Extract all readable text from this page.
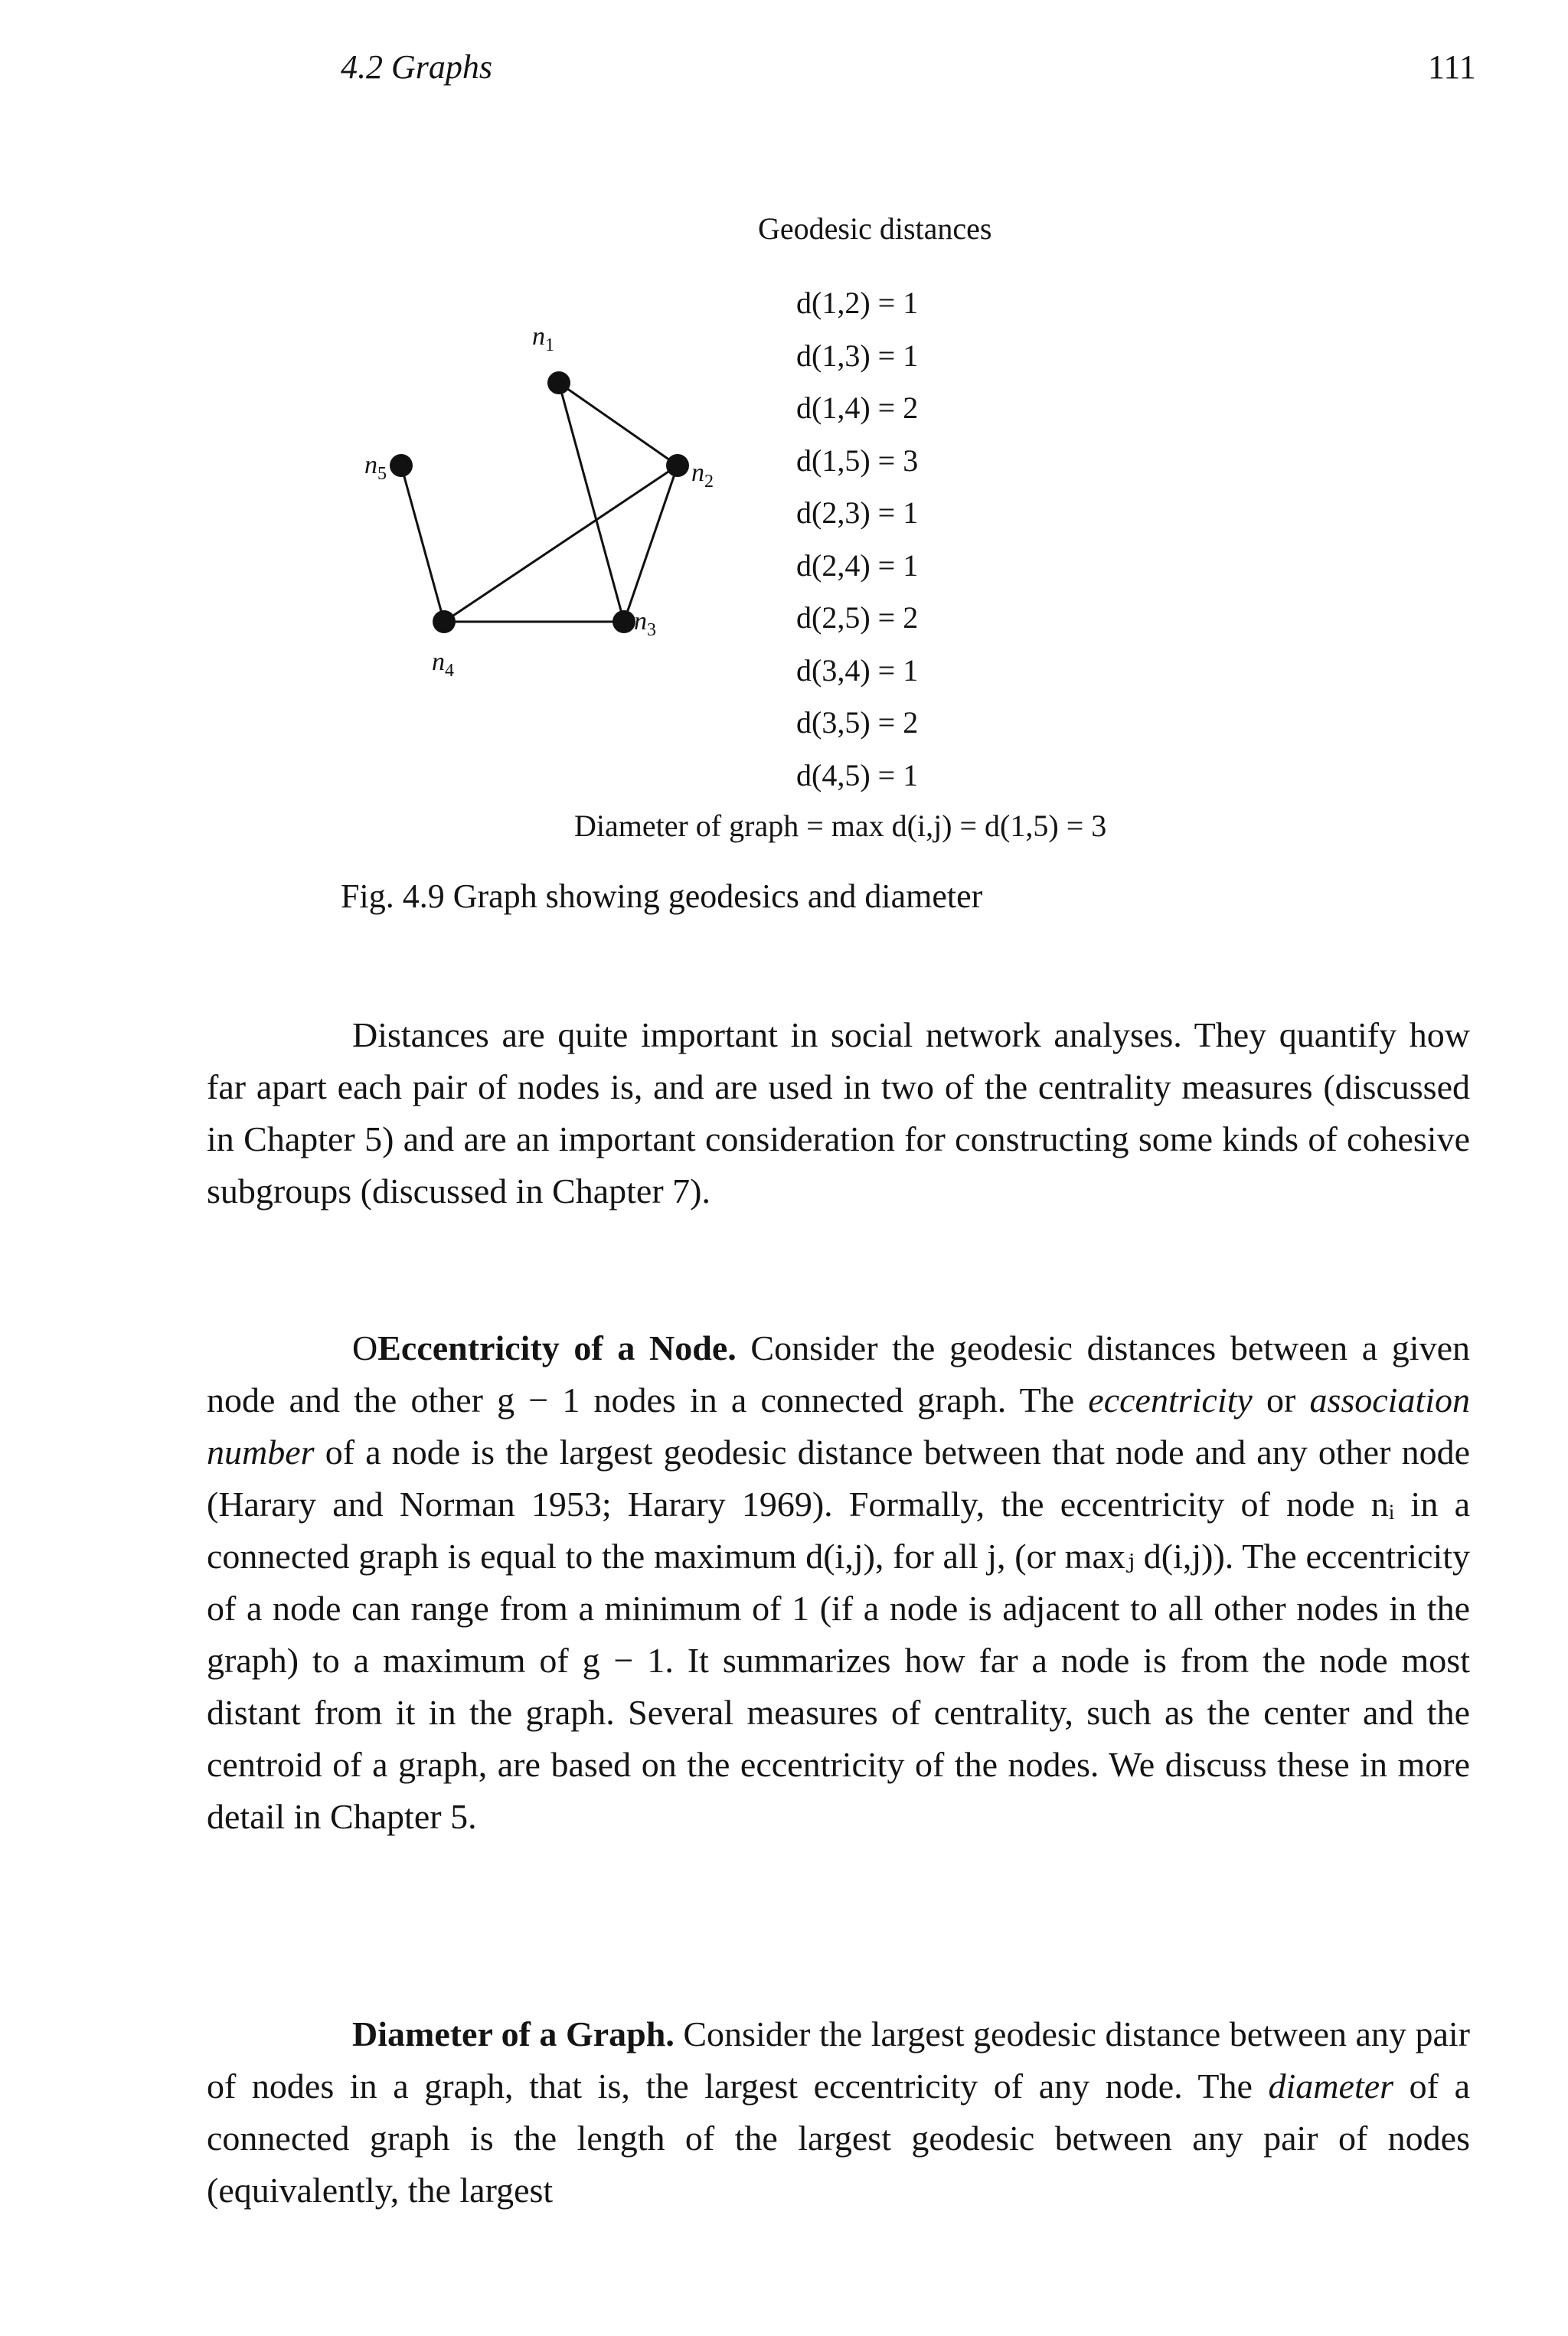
4.2 Graphs	111
$n_1$
$n_2$
$n_3$
$n_4$
$n_5$
Geodesic distances
d(1,2) = 1
d(1,3) = 1
d(1,4) = 2
d(1,5) = 3
d(2,3) = 1
d(2,4) = 1
d(2,5) = 2
d(3,4) = 1
d(3,5) = 2
d(4,5) = 1
Diameter of graph = max d(i,j) = d(1,5) = 3
Fig. 4.9 Graph showing geodesics and diameter

Distances are quite important in social network analyses. They quantify how far apart each pair of nodes is, and are used in two of the centrality measures (discussed in Chapter 5) and are an important consideration for constructing some kinds of cohesive subgroups (discussed in Chapter 7).

OEccentricity of a Node. Consider the geodesic distances between a given node and the other g − 1 nodes in a connected graph. The eccentricity or association number of a node is the largest geodesic distance between that node and any other node (Harary and Norman 1953; Harary 1969). Formally, the eccentricity of node nᵢ in a connected graph is equal to the maximum d(i,j), for all j, (or maxⱼ d(i,j)). The eccentricity of a node can range from a minimum of 1 (if a node is adjacent to all other nodes in the graph) to a maximum of g − 1. It summarizes how far a node is from the node most distant from it in the graph. Several measures of centrality, such as the center and the centroid of a graph, are based on the eccentricity of the nodes. We discuss these in more detail in Chapter 5.

Diameter of a Graph. Consider the largest geodesic distance between any pair of nodes in a graph, that is, the largest eccentricity of any node. The diameter of a connected graph is the length of the largest geodesic between any pair of nodes (equivalently, the largest
